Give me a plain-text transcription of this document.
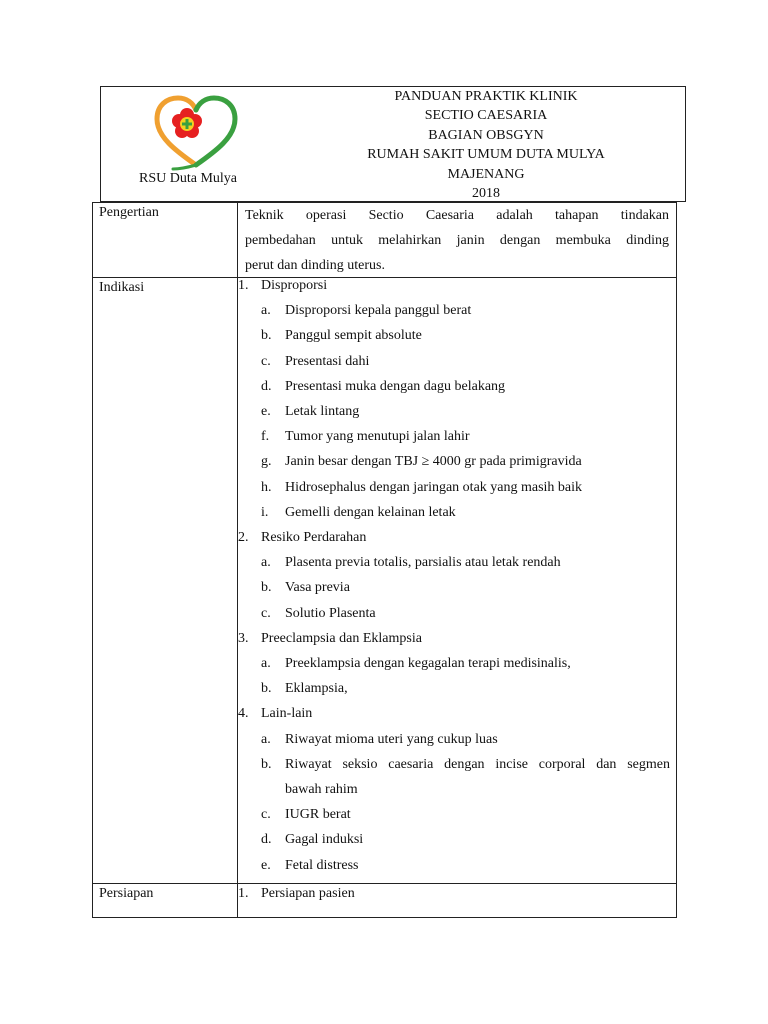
RSU Duta Mulya
PANDUAN PRAKTIK KLINIK
SECTIO CAESARIA
BAGIAN OBSGYN
RUMAH SAKIT UMUM DUTA MULYA
MAJENANG
2018
Pengertian	Teknik operasi Sectio Caesaria adalah tahapan tindakan
pembedahan untuk melahirkan janin dengan membuka dinding
perut dan dinding uterus.
Indikasi	1. Disproporsi
a. Disproporsi kepala panggul berat
b. Panggul sempit absolute
c. Presentasi dahi
d. Presentasi muka dengan dagu belakang
e. Letak lintang
f. Tumor yang menutupi jalan lahir
g. Janin besar dengan TBJ ≥ 4000 gr pada primigravida
h. Hidrosephalus dengan jaringan otak yang masih baik
i. Gemelli dengan kelainan letak
2. Resiko Perdarahan
a. Plasenta previa totalis, parsialis atau letak rendah
b. Vasa previa
c. Solutio Plasenta
3. Preeclampsia dan Eklampsia
a. Preeklampsia dengan kegagalan terapi medisinalis,
b. Eklampsia,
4. Lain-lain
a. Riwayat mioma uteri yang cukup luas
b. Riwayat seksio caesaria dengan incise corporal dan segmen
bawah rahim
c. IUGR berat
d. Gagal induksi
e. Fetal distress
Persiapan	1. Persiapan pasien
